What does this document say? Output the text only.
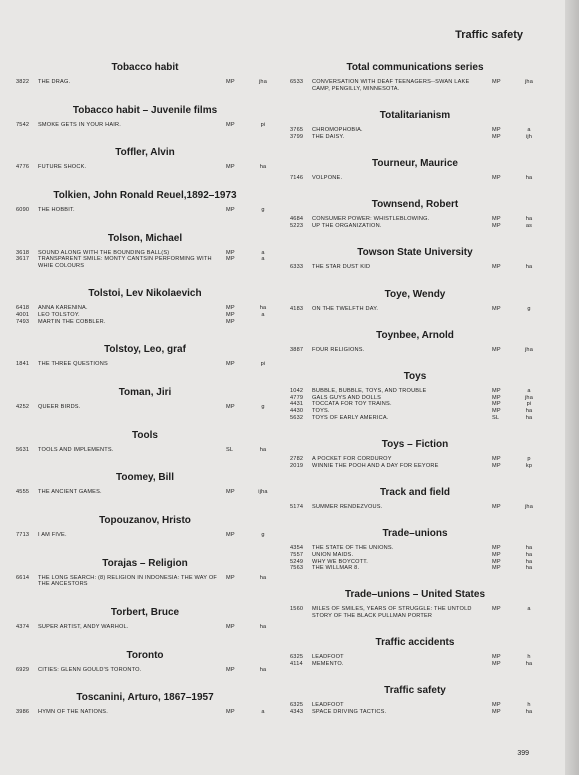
Traffic safety
Tobacco habit
3822	THE DRAG.	MP	jha
Tobacco habit – Juvenile films
7542	SMOKE GETS IN YOUR HAIR.	MP	pi
Toffler, Alvin
4776	FUTURE SHOCK.	MP	ha
Tolkien, John Ronald Reuel,1892–1973
6090	THE HOBBIT.	MP	g
Tolson, Michael
3618	SOUND ALONG WITH THE BOUNDING BALL(S)	MP	a
3617	TRANSPARENT SMILE: MONTY CANTSIN PERFORMING WITH WHIE COLOURS
MP	a
Tolstoi, Lev Nikolaevich
6418	ANNA KARENINA.	MP	ha
4001	LEO TOLSTOY.	MP	a
7493	MARTIN THE COBBLER.	MP
Tolstoy, Leo, graf
1841	THE THREE QUESTIONS	MP	pi
Toman, Jiri
4252	QUEER BIRDS.	MP	g
Tools
5631	TOOLS AND IMPLEMENTS.	SL	ha
Toomey, Bill
4555	THE ANCIENT GAMES.	MP	ijha
Topouzanov, Hristo
7713	I AM FIVE.	MP	g
Torajas – Religion
6614	THE LONG SEARCH: (8) RELIGION IN INDONESIA: THE WAY OF THE ANCESTORS
MP	ha
Torbert, Bruce
4374	SUPER ARTIST, ANDY WARHOL.	MP	ha
Toronto
6929	CITIES: GLENN GOULD'S TORONTO.	MP	ha
Toscanini, Arturo, 1867–1957
3986	HYMN OF THE NATIONS.	MP	a
Total communications series
6533	CONVERSATION WITH DEAF TEENAGERS--SWAN LAKE CAMP, PENGILLY, MINNESOTA.
MP	jha
Totalitarianism
3765	CHROMOPHOBIA.	MP	a
3799	THE DAISY.	MP	ijh
Tourneur, Maurice
7146	VOLPONE.	MP	ha
Townsend, Robert
4684	CONSUMER POWER: WHISTLEBLOWING.	MP	ha
5223	UP THE ORGANIZATION.	MP	as
Towson State University
6333	THE STAR DUST KID	MP	ha
Toye, Wendy
4183	ON THE TWELFTH DAY.	MP	g
Toynbee, Arnold
3887	FOUR RELIGIONS.	MP	jha
Toys
1042	BUBBLE, BUBBLE, TOYS, AND TROUBLE	MP	a
4779	GALS GUYS AND DOLLS	MP	jha
4431	TOCCATA FOR TOY TRAINS.	MP	pi
4430	TOYS.	MP	ha
5632	TOYS OF EARLY AMERICA.	SL	ha
Toys – Fiction
2782	A POCKET FOR CORDUROY	MP	p
2019	WINNIE THE POOH AND A DAY FOR EEYORE	MP	kp
Track and field
5174	SUMMER RENDEZVOUS.	MP	jha
Trade–unions
4354	THE STATE OF THE UNIONS.	MP	ha
7557	UNION MAIDS.	MP	ha
5249	WHY WE BOYCOTT.	MP	ha
7563	THE WILLMAR 8.	MP	ha
Trade–unions – United States
1560	MILES OF SMILES, YEARS OF STRUGGLE: THE UNTOLD STORY OF THE BLACK PULLMAN PORTER
MP	a
Traffic accidents
6325	LEADFOOT	MP	h
4114	MEMENTO.	MP	ha
Traffic safety
6325	LEADFOOT	MP	h
4343	SPACE DRIVING TACTICS.	MP	ha
399
